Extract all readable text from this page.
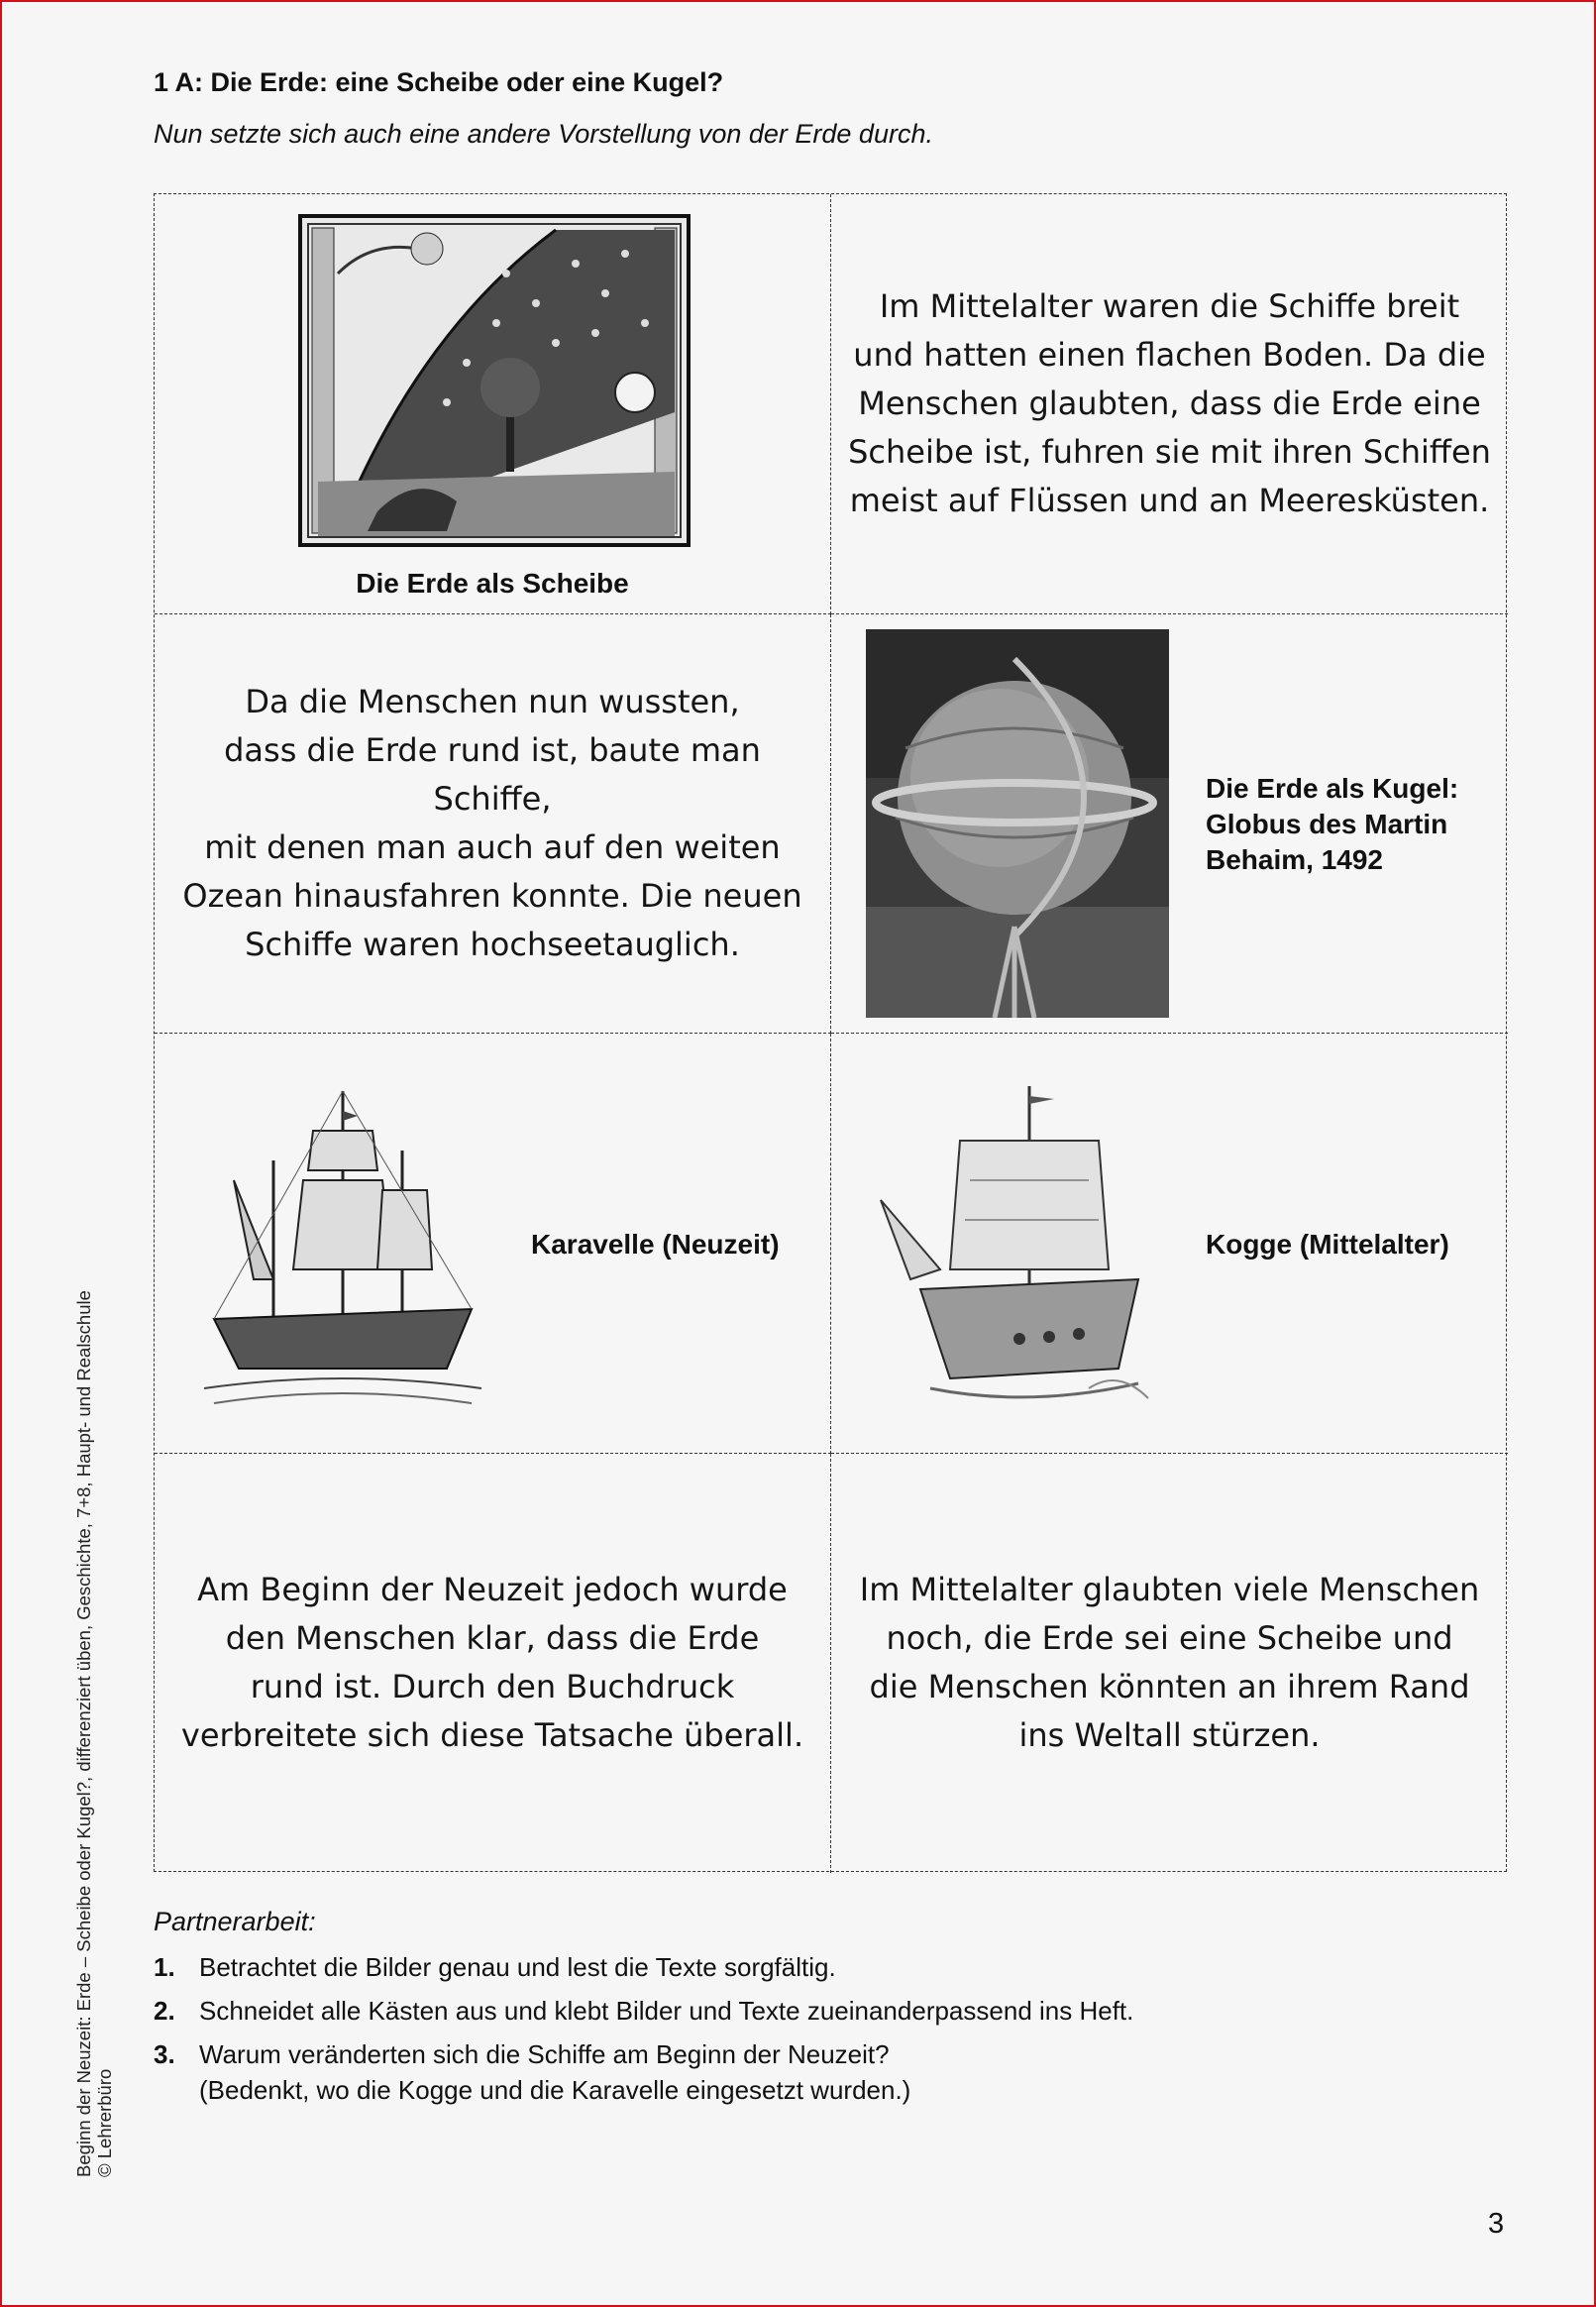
1 A: Die Erde: eine Scheibe oder eine Kugel?
Nun setzte sich auch eine andere Vorstellung von der Erde durch.
Die Erde als Scheibe
Im Mittelalter waren die Schiffe breit
und hatten einen flachen Boden. Da die
Menschen glaubten, dass die Erde eine
Scheibe ist, fuhren sie mit ihren Schiffen
meist auf Flüssen und an Meeresküsten.
Da die Menschen nun wussten,
dass die Erde rund ist, baute man Schiffe,
mit denen man auch auf den weiten
Ozean hinausfahren konnte. Die neuen
Schiffe waren hochseetauglich.
Die Erde als Kugel:
Globus des Martin
Behaim, 1492
Karavelle (Neuzeit)	Kogge (Mittelalter)
Am Beginn der Neuzeit jedoch wurde
den Menschen klar, dass die Erde
rund ist. Durch den Buchdruck
verbreitete sich diese Tatsache überall.
Im Mittelalter glaubten viele Menschen
noch, die Erde sei eine Scheibe und
die Menschen könnten an ihrem Rand
ins Weltall stürzen.
Partnerarbeit:
1. Betrachtet die Bilder genau und lest die Texte sorgfältig.
2. Schneidet alle Kästen aus und klebt Bilder und Texte zueinanderpassend ins Heft.
3. Warum veränderten sich die Schiffe am Beginn der Neuzeit?
(Bedenkt, wo die Kogge und die Karavelle eingesetzt wurden.)
Beginn der Neuzeit: Erde – Scheibe oder Kugel?, differenziert üben, Geschichte, 7+8, Haupt- und Realschule © Lehrerbüro
3
